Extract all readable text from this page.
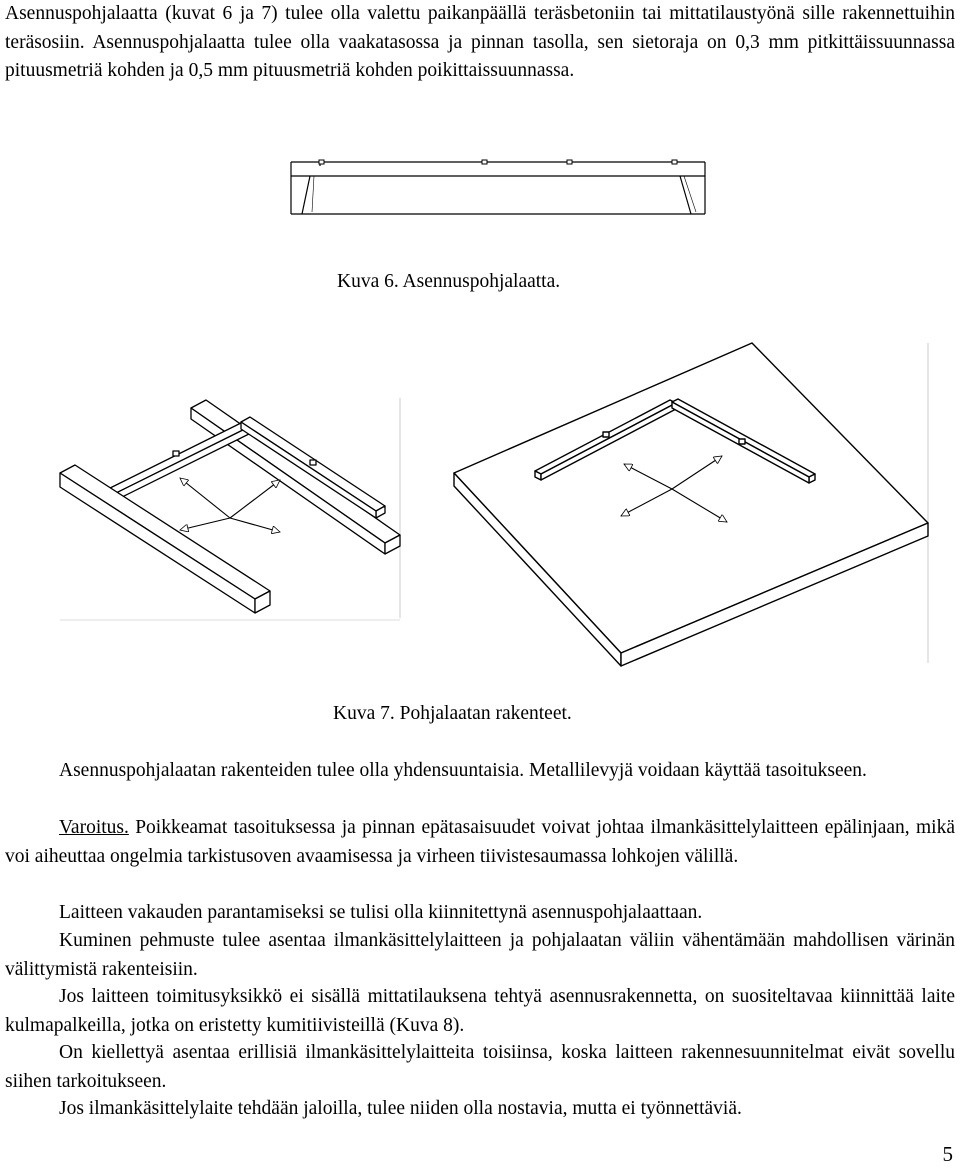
Asennuspohjalaatta (kuvat 6 ja 7) tulee olla valettu paikanpäällä teräsbetoniin tai mittatilaustyönä sille rakennettuihin teräsosiin. Asennuspohjalaatta tulee olla vaakatasossa ja pinnan tasolla, sen sietoraja on 0,3 mm pitkittäissuunnassa pituusmetriä kohden ja 0,5 mm pituusmetriä kohden poikittaissuunnassa.

Kuva 6. Asennuspohjalaatta.

Kuva 7. Pohjalaatan rakenteet.

Asennuspohjalaatan rakenteiden tulee olla yhdensuuntaisia. Metallilevyjä voidaan käyttää tasoitukseen.

Varoitus. Poikkeamat tasoituksessa ja pinnan epätasaisuudet voivat johtaa ilmankäsittelylaitteen epälinjaan, mikä voi aiheuttaa ongelmia tarkistusoven avaamisessa ja virheen tiivistesaumassa lohkojen välillä.

Laitteen vakauden parantamiseksi se tulisi olla kiinnitettynä asennuspohjalaattaan.

Kuminen pehmuste tulee asentaa ilmankäsittelylaitteen ja pohjalaatan väliin vähentämään mahdollisen värinän välittymistä rakenteisiin.

Jos laitteen toimitusyksikkö ei sisällä mittatilauksena tehtyä asennusrakennetta, on suositeltavaa kiinnittää laite kulmapalkeilla, jotka on eristetty kumitiivisteillä (Kuva 8).

On kiellettyä asentaa erillisiä ilmankäsittelylaitteita toisiinsa, koska laitteen rakennesuunnitelmat eivät sovellu siihen tarkoitukseen.

Jos ilmankäsittelylaite tehdään jaloilla, tulee niiden olla nostavia, mutta ei työnnettäviä.

5
